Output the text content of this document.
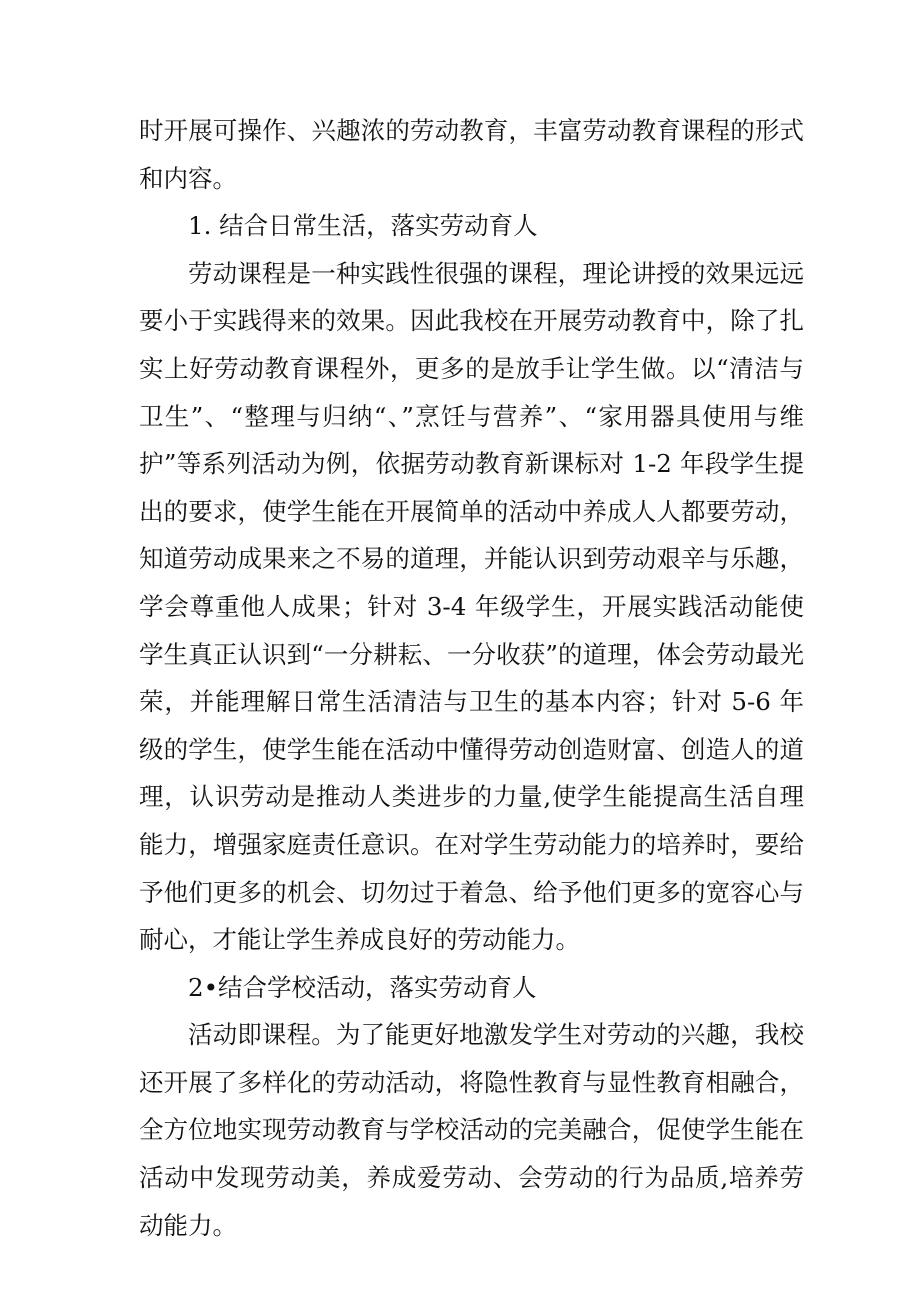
时开展可操作、兴趣浓的劳动教育，丰富劳动教育课程的形式和内容。

1. 结合日常生活，落实劳动育人

劳动课程是一种实践性很强的课程，理论讲授的效果远远要小于实践得来的效果。因此我校在开展劳动教育中，除了扎实上好劳动教育课程外，更多的是放手让学生做。以“清洁与卫生”、“整理与归纳“、”烹饪与营养”、“家用器具使用与维护”等系列活动为例，依据劳动教育新课标对 1-2 年段学生提出的要求，使学生能在开展简单的活动中养成人人都要劳动，知道劳动成果来之不易的道理，并能认识到劳动艰辛与乐趣，学会尊重他人成果；针对 3-4 年级学生，开展实践活动能使学生真正认识到“一分耕耘、一分收获”的道理，体会劳动最光荣，并能理解日常生活清洁与卫生的基本内容；针对 5-6 年级的学生，使学生能在活动中懂得劳动创造财富、创造人的道理，认识劳动是推动人类进步的力量,使学生能提高生活自理能力，增强家庭责任意识。在对学生劳动能力的培养时，要给予他们更多的机会、切勿过于着急、给予他们更多的宽容心与耐心，才能让学生养成良好的劳动能力。

2•结合学校活动，落实劳动育人

活动即课程。为了能更好地激发学生对劳动的兴趣，我校还开展了多样化的劳动活动，将隐性教育与显性教育相融合，全方位地实现劳动教育与学校活动的完美融合，促使学生能在活动中发现劳动美，养成爱劳动、会劳动的行为品质,培养劳动能力。
